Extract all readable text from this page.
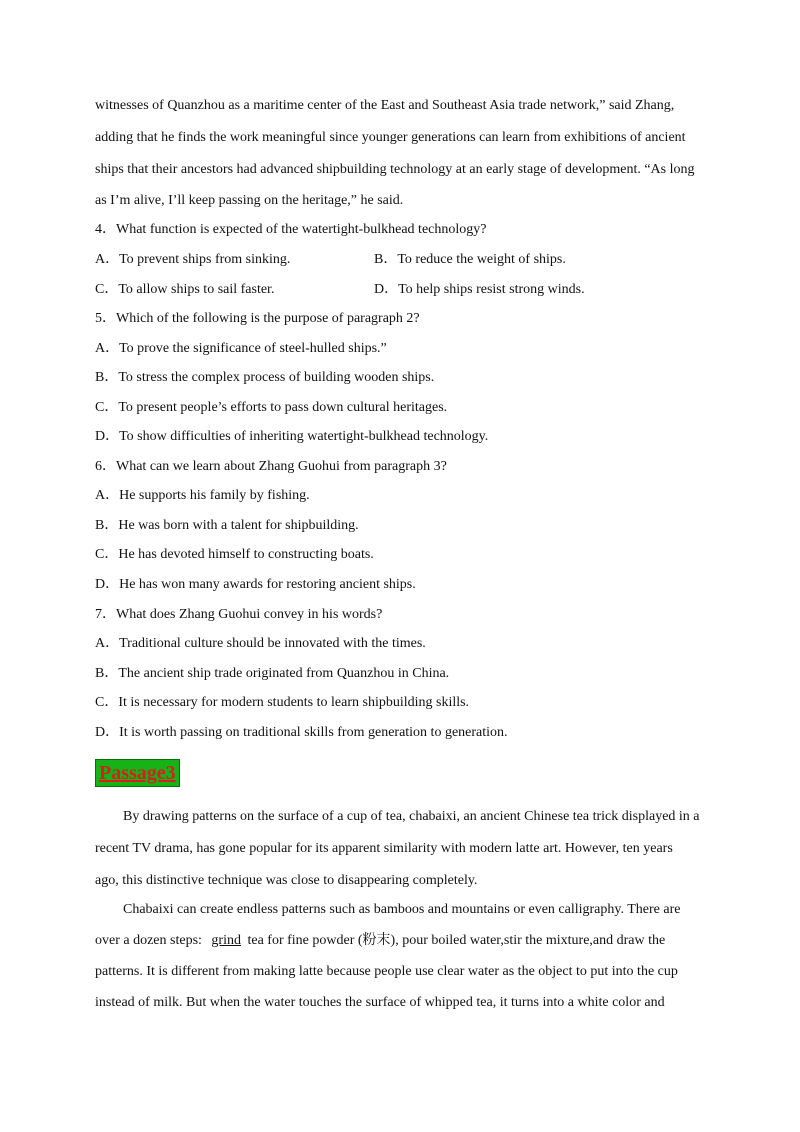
witnesses of Quanzhou as a maritime center of the East and Southeast Asia trade network,” said Zhang,
adding that he finds the work meaningful since younger generations can learn from exhibitions of ancient
ships that their ancestors had advanced shipbuilding technology at an early stage of development. “As long
as I’m alive, I’ll keep passing on the heritage,” he said.
4．What function is expected of the watertight-bulkhead technology?
A．To prevent ships from sinking.	B．To reduce the weight of ships.
C．To allow ships to sail faster.	D．To help ships resist strong winds.
5．Which of the following is the purpose of paragraph 2?
A．To prove the significance of steel-hulled ships.”
B．To stress the complex process of building wooden ships.
C．To present people’s efforts to pass down cultural heritages.
D．To show difficulties of inheriting watertight-bulkhead technology.
6．What can we learn about Zhang Guohui from paragraph 3?
A．He supports his family by fishing.
B．He was born with a talent for shipbuilding.
C．He has devoted himself to constructing boats.
D．He has won many awards for restoring ancient ships.
7．What does Zhang Guohui convey in his words?
A．Traditional culture should be innovated with the times.
B．The ancient ship trade originated from Quanzhou in China.
C．It is necessary for modern students to learn shipbuilding skills.
D．It is worth passing on traditional skills from generation to generation.
Passage3
By drawing patterns on the surface of a cup of tea, chabaixi, an ancient Chinese tea trick displayed in a
recent TV drama, has gone popular for its apparent similarity with modern latte art. However, ten years
ago, this distinctive technique was close to disappearing completely.
Chabaixi can create endless patterns such as bamboos and mountains or even calligraphy. There are
over a dozen steps: grind tea for fine powder (粉末), pour boiled water,stir the mixture,and draw the
patterns. It is different from making latte because people use clear water as the object to put into the cup
instead of milk. But when the water touches the surface of whipped tea, it turns into a white color and
